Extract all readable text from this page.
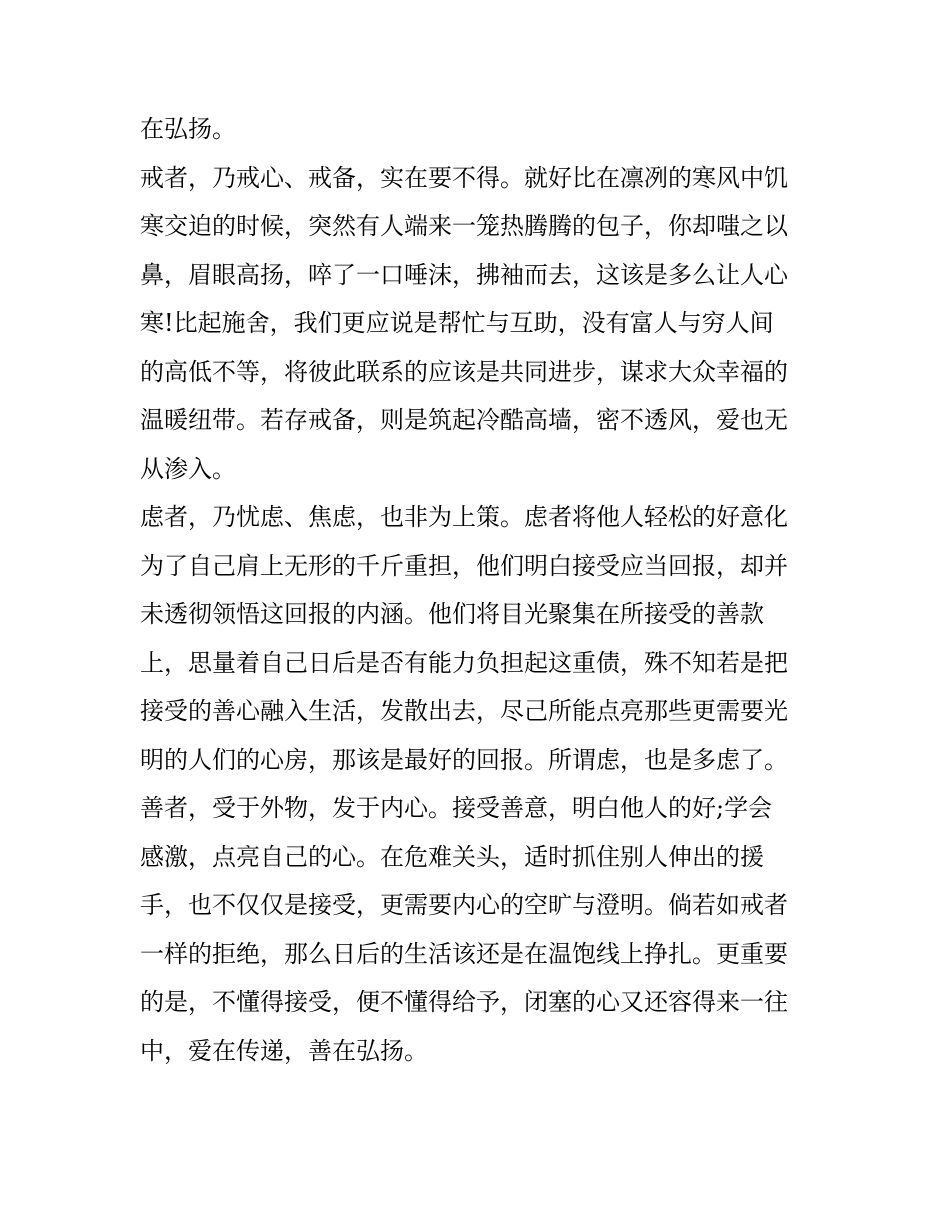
在弘扬。
戒者，乃戒心、戒备，实在要不得。就好比在凛冽的寒风中饥
寒交迫的时候，突然有人端来一笼热腾腾的包子，你却嗤之以
鼻，眉眼高扬，啐了一口唾沫，拂袖而去，这该是多么让人心
寒!比起施舍，我们更应说是帮忙与互助，没有富人与穷人间
的高低不等，将彼此联系的应该是共同进步，谋求大众幸福的
温暖纽带。若存戒备，则是筑起冷酷高墙，密不透风，爱也无
从渗入。
虑者，乃忧虑、焦虑，也非为上策。虑者将他人轻松的好意化
为了自己肩上无形的千斤重担，他们明白接受应当回报，却并
未透彻领悟这回报的内涵。他们将目光聚集在所接受的善款
上，思量着自己日后是否有能力负担起这重债，殊不知若是把
接受的善心融入生活，发散出去，尽己所能点亮那些更需要光
明的人们的心房，那该是最好的回报。所谓虑，也是多虑了。
善者，受于外物，发于内心。接受善意，明白他人的好;学会
感激，点亮自己的心。在危难关头，适时抓住别人伸出的援
手，也不仅仅是接受，更需要内心的空旷与澄明。倘若如戒者
一样的拒绝，那么日后的生活该还是在温饱线上挣扎。更重要
的是，不懂得接受，便不懂得给予，闭塞的心又还容得来一往
中，爱在传递，善在弘扬。
